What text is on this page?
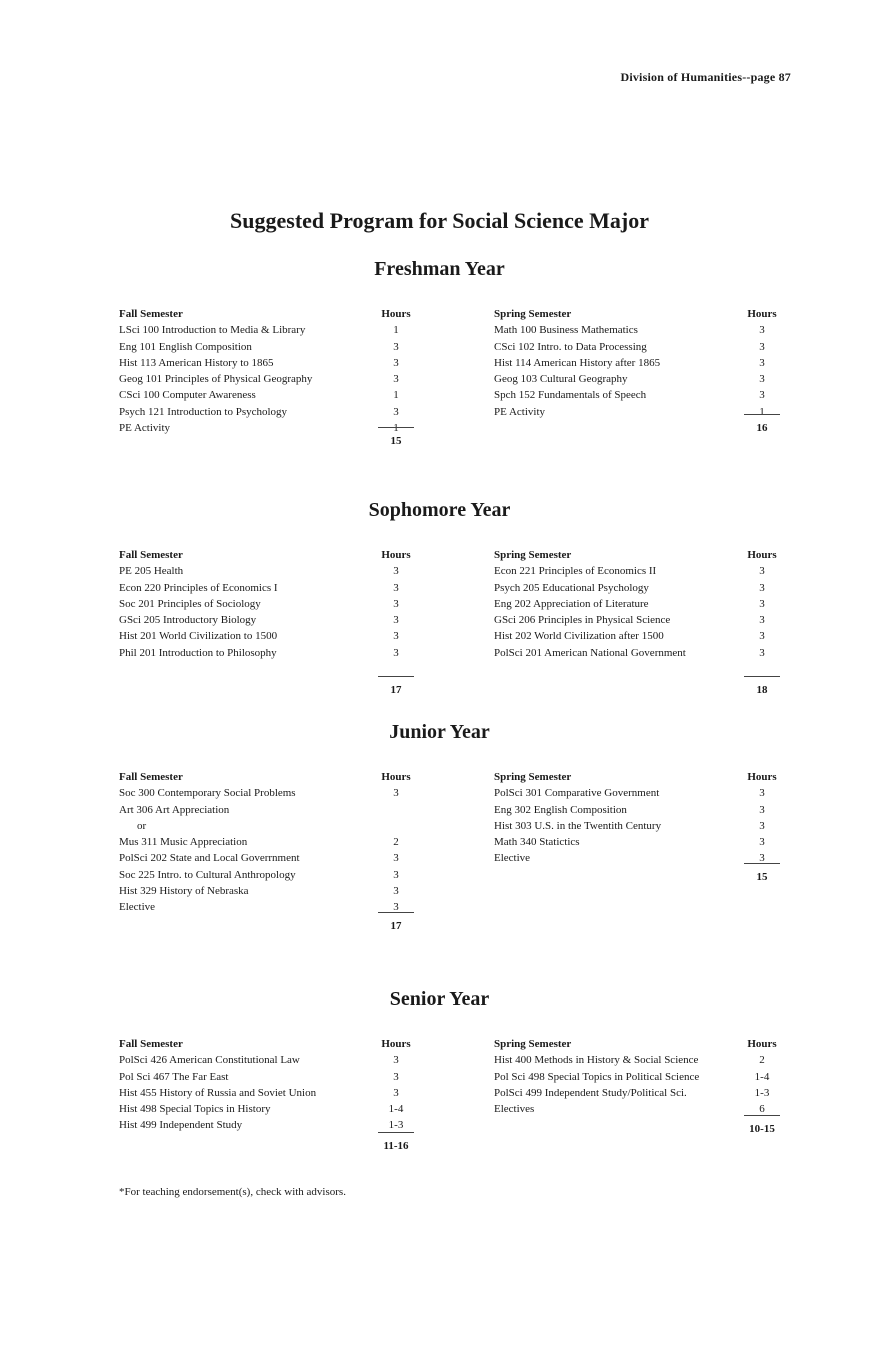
Division of Humanities--page 87
Suggested Program for Social Science Major
Freshman Year
Fall Semester	Hours
LSci 100 Introduction to Media & Library	1
Eng 101 English Composition	3
Hist 113 American History to 1865	3
Geog 101 Principles of Physical Geography	3
CSci 100 Computer Awareness	1
Psych 121 Introduction to Psychology	3
PE Activity	1
15
Spring Semester	Hours
Math 100 Business Mathematics	3
CSci 102 Intro. to Data Processing	3
Hist 114 American History after 1865	3
Geog 103 Cultural Geography	3
Spch 152 Fundamentals of Speech	3
PE Activity	1
16
Sophomore Year
Fall Semester	Hours
PE 205 Health	3
Econ 220 Principles of Economics I	3
Soc 201 Principles of Sociology	3
GSci 205 Introductory Biology	3
Hist 201 World Civilization to 1500	3
Phil 201 Introduction to Philosophy	3
17
Spring Semester	Hours
Econ 221 Principles of Economics II	3
Psych 205 Educational Psychology	3
Eng 202 Appreciation of Literature	3
GSci 206 Principles in Physical Science	3
Hist 202 World Civilization after 1500	3
PolSci 201 American National Government	3
18
Junior Year
Fall Semester	Hours
Soc 300 Contemporary Social Problems	3
Art 306 Art Appreciation
or
Mus 311 Music Appreciation	2
PolSci 202 State and Local Goverrnment	3
Soc 225 Intro. to Cultural Anthropology	3
Hist 329 History of Nebraska	3
Elective	3
17
Spring Semester	Hours
PolSci 301 Comparative Government	3
Eng 302 English Composition	3
Hist 303 U.S. in the Twentith Century	3
Math 340 Statictics	3
Elective	3
15
Senior Year
Fall Semester	Hours
PolSci 426 American Constitutional Law	3
Pol Sci 467 The Far East	3
Hist 455 History of Russia and Soviet Union	3
Hist 498 Special Topics in History	1-4
Hist 499 Independent Study	1-3
11-16
Spring Semester	Hours
Hist 400 Methods in History & Social Science	2
Pol Sci 498 Special Topics in Political Science	1-4
PolSci 499 Independent Study/Political Sci.	1-3
Electives	6
10-15
*For teaching endorsement(s), check with advisors.
